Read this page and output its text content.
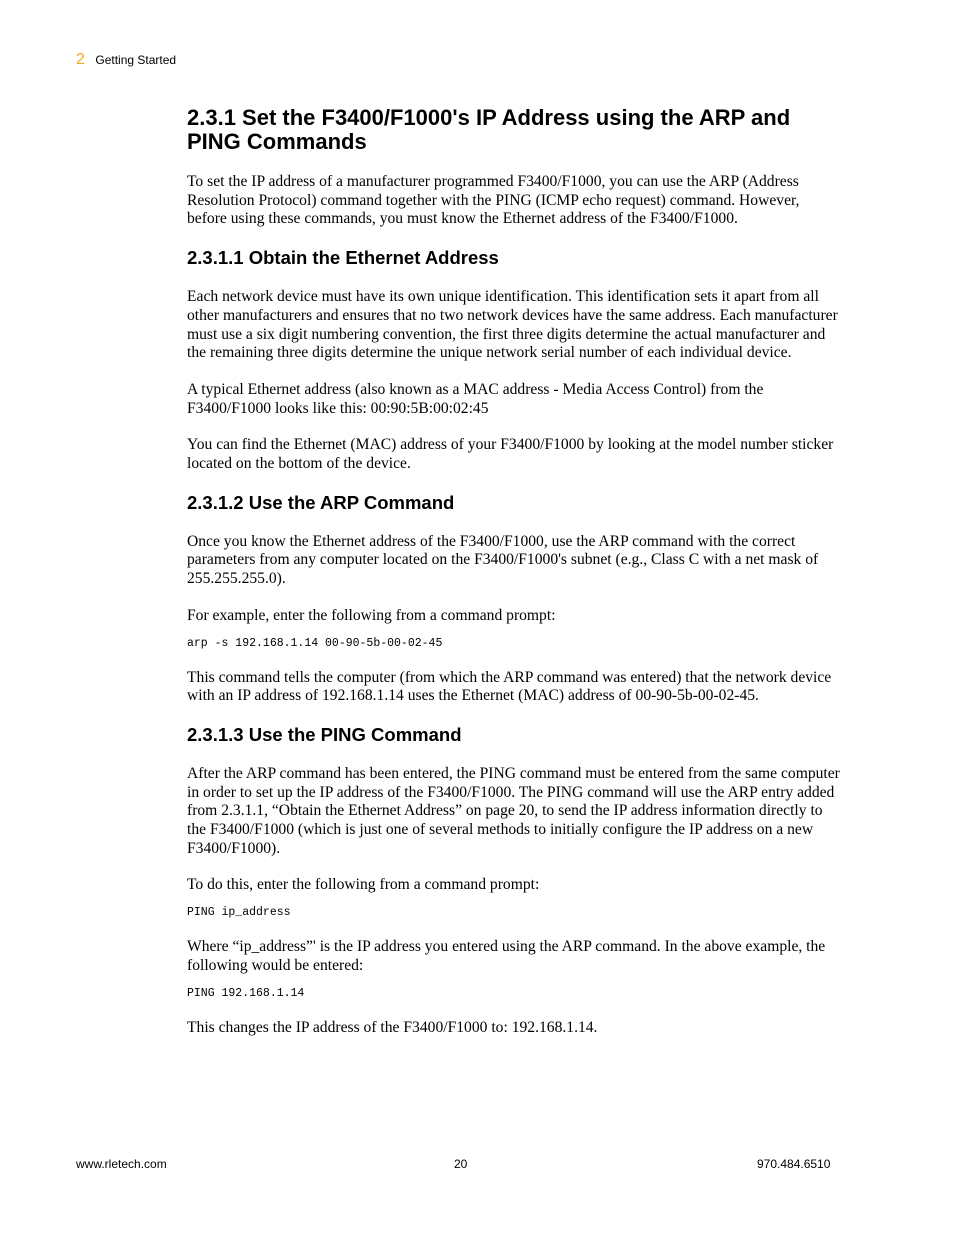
2 Getting Started
2.3.1 Set the F3400/F1000's IP Address using the ARP and PING Commands

To set the IP address of a manufacturer programmed F3400/F1000, you can use the ARP (Address Resolution Protocol) command together with the PING (ICMP echo request) command. However, before using these commands, you must know the Ethernet address of the F3400/F1000.

2.3.1.1 Obtain the Ethernet Address

Each network device must have its own unique identification. This identification sets it apart from all other manufacturers and ensures that no two network devices have the same address. Each manufacturer must use a six digit numbering convention, the first three digits determine the actual manufacturer and the remaining three digits determine the unique network serial number of each individual device.

A typical Ethernet address (also known as a MAC address - Media Access Control) from the F3400/F1000 looks like this: 00:90:5B:00:02:45

You can find the Ethernet (MAC) address of your F3400/F1000 by looking at the model number sticker located on the bottom of the device.

2.3.1.2 Use the ARP Command

Once you know the Ethernet address of the F3400/F1000, use the ARP command with the correct parameters from any computer located on the F3400/F1000's subnet (e.g., Class C with a net mask of 255.255.255.0).

For example, enter the following from a command prompt:

arp -s 192.168.1.14 00-90-5b-00-02-45

This command tells the computer (from which the ARP command was entered) that the network device with an IP address of 192.168.1.14 uses the Ethernet (MAC) address of 00-90-5b-00-02-45.

2.3.1.3 Use the PING Command

After the ARP command has been entered, the PING command must be entered from the same computer in order to set up the IP address of the F3400/F1000. The PING command will use the ARP entry added from 2.3.1.1, “Obtain the Ethernet Address” on page 20, to send the IP address information directly to the F3400/F1000 (which is just one of several methods to initially configure the IP address on a new F3400/F1000).

To do this, enter the following from a command prompt:

PING ip_address

Where “ip_address”' is the IP address you entered using the ARP command. In the above example, the following would be entered:

PING 192.168.1.14

This changes the IP address of the F3400/F1000 to: 192.168.1.14.

www.rletech.com	20	970.484.6510
